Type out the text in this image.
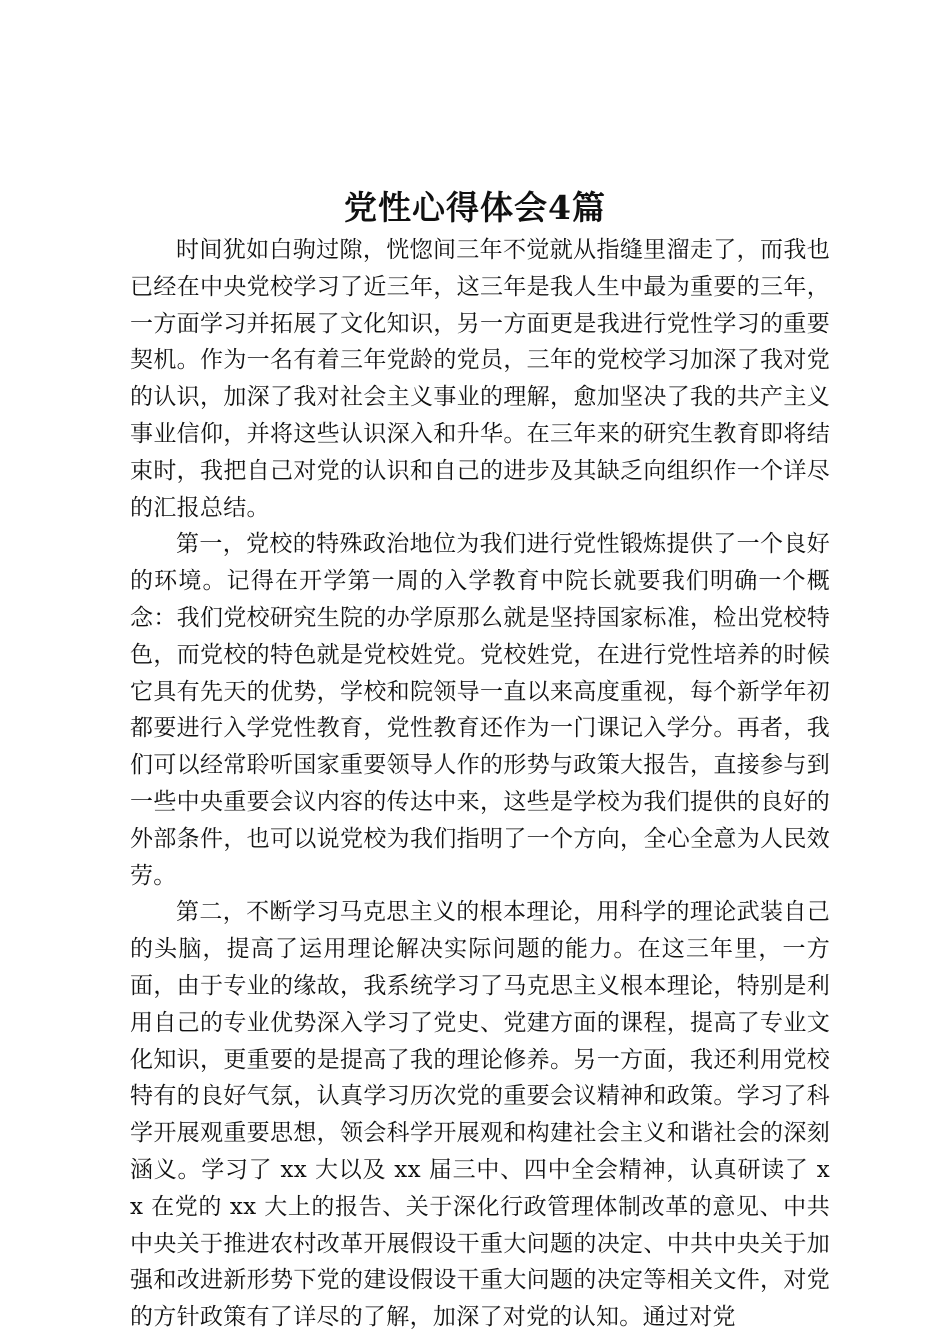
党性心得体会4篇

时间犹如白驹过隙，恍惚间三年不觉就从指缝里溜走了，而我也已经在中央党校学习了近三年，这三年是我人生中最为重要的三年，一方面学习并拓展了文化知识，另一方面更是我进行党性学习的重要契机。作为一名有着三年党龄的党员，三年的党校学习加深了我对党的认识，加深了我对社会主义事业的理解，愈加坚决了我的共产主义事业信仰，并将这些认识深入和升华。在三年来的研究生教育即将结束时，我把自己对党的认识和自己的进步及其缺乏向组织作一个详尽的汇报总结。

第一，党校的特殊政治地位为我们进行党性锻炼提供了一个良好的环境。记得在开学第一周的入学教育中院长就要我们明确一个概念：我们党校研究生院的办学原那么就是坚持国家标准，检出党校特色，而党校的特色就是党校姓党。党校姓党，在进行党性培养的时候它具有先天的优势，学校和院领导一直以来高度重视，每个新学年初都要进行入学党性教育，党性教育还作为一门课记入学分。再者，我们可以经常聆听国家重要领导人作的形势与政策大报告，直接参与到一些中央重要会议内容的传达中来，这些是学校为我们提供的良好的外部条件，也可以说党校为我们指明了一个方向，全心全意为人民效劳。

第二，不断学习马克思主义的根本理论，用科学的理论武装自己的头脑，提高了运用理论解决实际问题的能力。在这三年里，一方面，由于专业的缘故，我系统学习了马克思主义根本理论，特别是利用自己的专业优势深入学习了党史、党建方面的课程，提高了专业文化知识，更重要的是提高了我的理论修养。另一方面，我还利用党校特有的良好气氛，认真学习历次党的重要会议精神和政策。学习了科学开展观重要思想，领会科学开展观和构建社会主义和谐社会的深刻涵义。学习了 xx 大以及 xx 届三中、四中全会精神，认真研读了 xx 在党的 xx 大上的报告、关于深化行政管理体制改革的意见、中共中央关于推进农村改革开展假设干重大问题的决定、中共中央关于加强和改进新形势下党的建设假设干重大问题的决定等相关文件，对党的方针政策有了详尽的了解，加深了对党的认知。通过对党
